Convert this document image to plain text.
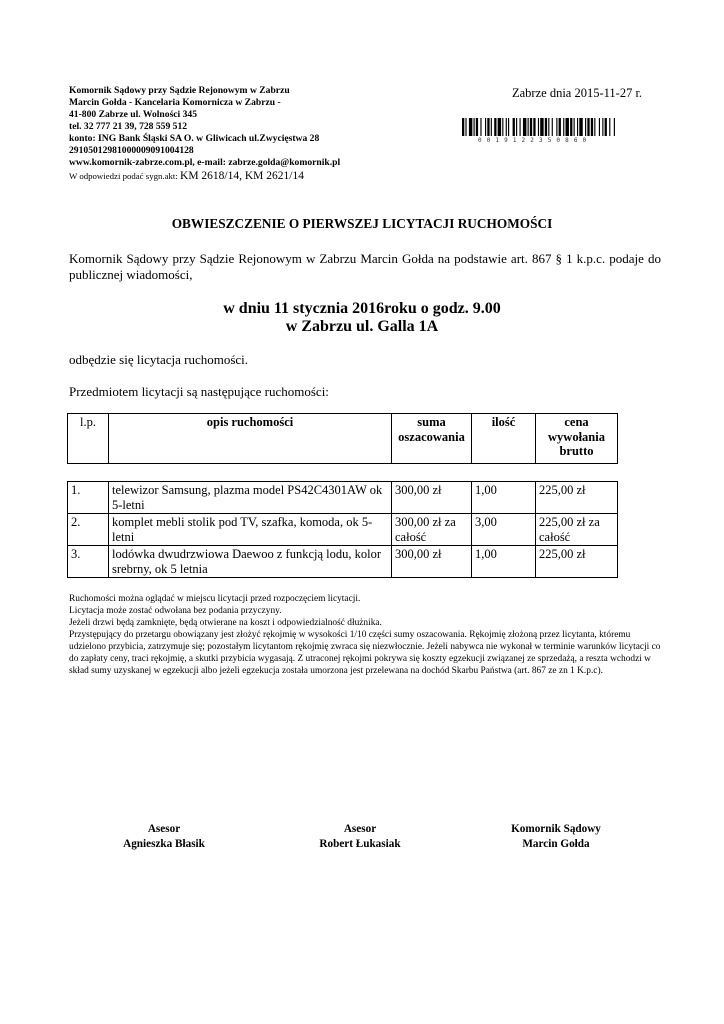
Komornik Sądowy przy Sądzie Rejonowym w Zabrzu
Marcin Gołda - Kancelaria Komornicza w Zabrzu -
41-800 Zabrze ul. Wolności 345
tel. 32 777 21 39, 728 559 512
konto: ING Bank Śląski SA O. w Gliwicach ul.Zwycięstwa 28
29105012981000009091004128
www.komornik-zabrze.com.pl, e-mail: zabrze.golda@komornik.pl
W odpowiedzi podać sygn.akt: KM 2618/14, KM 2621/14
Zabrze dnia 2015-11-27 r.
0019122350860
OBWIESZCZENIE O PIERWSZEJ LICYTACJI RUCHOMOŚCI
Komornik Sądowy przy Sądzie Rejonowym w Zabrzu Marcin Gołda na podstawie art. 867 § 1 k.p.c. podaje do publicznej wiadomości,
w dniu 11 stycznia 2016roku o godz. 9.00
w Zabrzu ul. Galla 1A
odbędzie się licytacja ruchomości.
Przedmiotem licytacji są następujące ruchomości:
l.p.	opis ruchomości	suma oszacowania	ilość	cena wywołania brutto
1.	telewizor Samsung, plazma model PS42C4301AW ok 5-letni	300,00 zł	1,00	225,00 zł
2.	komplet mebli stolik pod TV, szafka, komoda, ok 5-letni	300,00 zł za całość	3,00	225,00 zł za całość
3.	lodówka dwudrzwiowa Daewoo z funkcją lodu, kolor srebrny, ok 5 letnia	300,00 zł	1,00	225,00 zł

Ruchomości można oglądać w miejscu licytacji przed rozpoczęciem licytacji.

Licytacja może zostać odwołana bez podania przyczyny.

Jeżeli drzwi będą zamknięte, będą otwierane na koszt i odpowiedzialność dłużnika.

Przystępujący do przetargu obowiązany jest złożyć rękojmię w wysokości 1/10 części sumy oszacowania. Rękojmię złożoną przez licytanta, któremu udzielono przybicia, zatrzymuje się; pozostałym licytantom rękojmię zwraca się niezwłocznie. Jeżeli nabywca nie wykonał w terminie warunków licytacji co do zapłaty ceny, traci rękojmię, a skutki przybicia wygasają. Z utraconej rękojmi pokrywa się koszty egzekucji związanej ze sprzedażą, a reszta wchodzi w skład sumy uzyskanej w egzekucji albo jeżeli egzekucja została umorzona jest przelewana na dochód Skarbu Państwa (art. 867 ze zn 1 K.p.c).

Asesor
Agnieszka Błasik
Asesor
Robert Łukasiak
Komornik Sądowy
Marcin Gołda
